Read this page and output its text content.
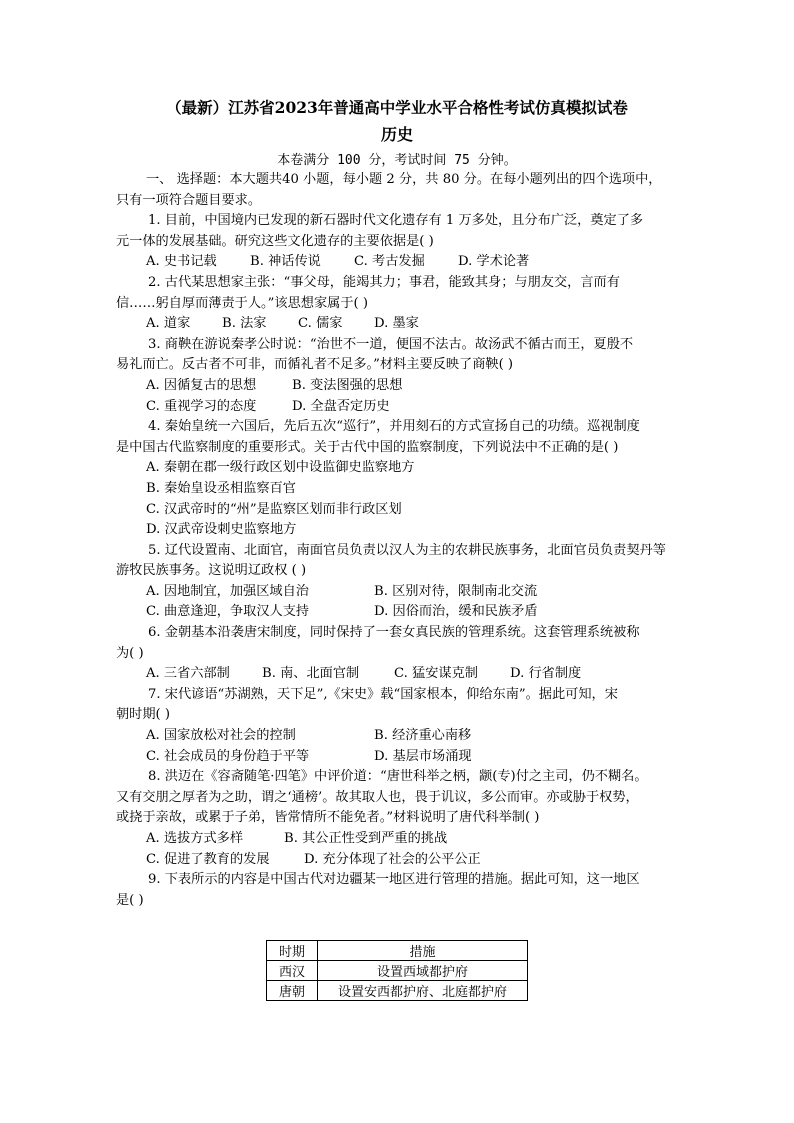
（最新）江苏省2023年普通高中学业水平合格性考试仿真模拟试卷
历史
本卷满分 100 分，考试时间 75 分钟。
一、 选择题：本大题共40 小题，每小题 2 分，共 80 分。在每小题列出的四个选项中，
只有一项符合题目要求。
1. 目前，中国境内已发现的新石器时代文化遗存有 1 万多处，且分布广泛，奠定了多
元一体的发展基础。研究这些文化遗存的主要依据是( )
A. 史书记载	B. 神话传说	C. 考古发掘	D. 学术论著
2. 古代某思想家主张：“事父母，能竭其力；事君，能致其身；与朋友交，言而有
信……躬自厚而薄责于人。”该思想家属于( )
A. 道家 B. 法家 C. 儒家 D. 墨家
3. 商鞅在游说秦孝公时说：“治世不一道，便国不法古。故汤武不循古而王，夏殷不
易礼而亡。反古者不可非，而循礼者不足多。”材料主要反映了商鞅( )
A. 因循复古的思想	B. 变法图强的思想
C. 重视学习的态度	D. 全盘否定历史
4. 秦始皇统一六国后，先后五次“巡行”，并用刻石的方式宣扬自己的功绩。巡视制度
是中国古代监察制度的重要形式。关于古代中国的监察制度，下列说法中不正确的是( )
A. 秦朝在郡一级行政区划中设监御史监察地方
B. 秦始皇设丞相监察百官
C. 汉武帝时的“州”是监察区划而非行政区划
D. 汉武帝设刺史监察地方
5. 辽代设置南、北面官，南面官员负责以汉人为主的农耕民族事务，北面官员负责契丹等
游牧民族事务。这说明辽政权 ( )
A. 因地制宜，加强区域自治	B. 区别对待，限制南北交流
C. 曲意逢迎，争取汉人支持	D. 因俗而治，缓和民族矛盾
6. 金朝基本沿袭唐宋制度，同时保持了一套女真民族的管理系统。这套管理系统被称
为( )
A. 三省六部制 B. 南、北面官制	C. 猛安谋克制 D. 行省制度
7. 宋代谚语“苏湖熟，天下足”,《宋史》载“国家根本，仰给东南”。据此可知，宋
朝时期( )
A. 国家放松对社会的控制	B. 经济重心南移
C. 社会成员的身份趋于平等	D. 基层市场涌现
8. 洪迈在《容斋随笔·四笔》中评价道：“唐世科举之柄，颛(专)付之主司，仍不糊名。
又有交朋之厚者为之助，谓之‘通榜’。故其取人也，畏于讥议，多公而审。亦或胁于权势，
或挠于亲故，或累于子弟，皆常情所不能免者。”材料说明了唐代科举制( )
A. 选拔方式多样	B. 其公正性受到严重的挑战
C. 促进了教育的发展	D. 充分体现了社会的公平公正
9. 下表所示的内容是中国古代对边疆某一地区进行管理的措施。据此可知，这一地区
是( )
时期	措施
西汉	设置西域都护府
唐朝	设置安西都护府、北庭都护府
